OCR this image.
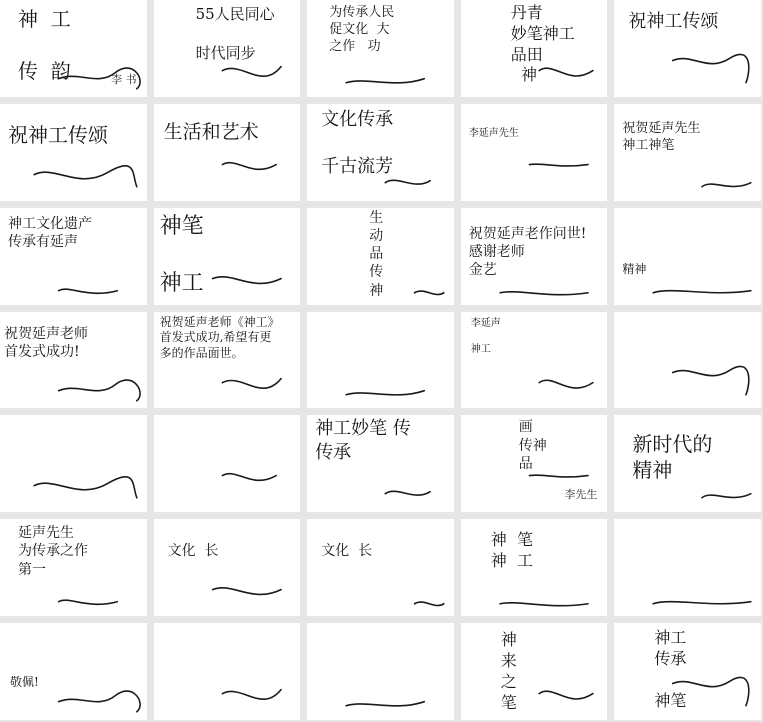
神  工
传  韵	李 书
55人民同心
时代同步
为传承人民
促文化  大
之作   功
丹青
妙笔神工
品田
神
祝神工传颂
祝神工传颂	生活和艺术
文化传承
千古流芳
李延声先生	祝贺延声先生
神工神笔
神工文化遗产
传承有延声
神笔
神工
生
动
品
传
神
祝贺延声老作问世!
感谢老师
金艺	精神
祝贺延声老师
首发式成功!
祝贺延声老师《神工》
首发式成功,希望有更
多的作品面世。
李延声
神工
神工妙笔 传
传承
画
传神
品
李先生
新时代的
精神
延声先生
为传承之作
第一

文化  长
	文化  长
神  笔
神  工

敬佩!
神
来
之
笔
神工
传承
神笔
